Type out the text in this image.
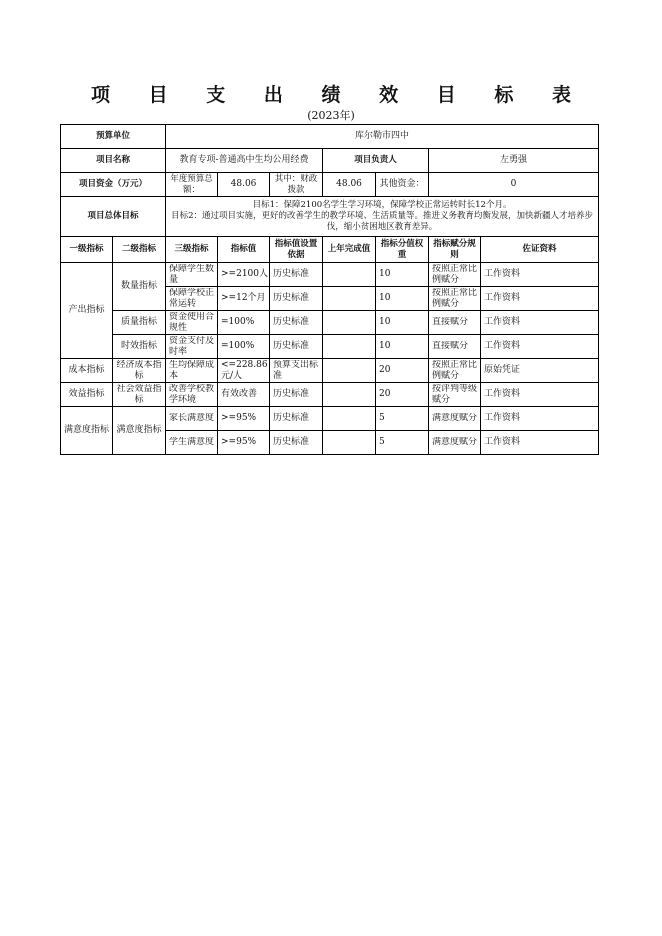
项 目 支 出 绩 效 目 标 表
(2023年)
预算单位		库尔勒市四中						
项目名称		教育专项-普通高中生均公用经费			项目负责人		左勇强	
项目资金（万元）		年度预算总额：	48.06	其中：财政拨款	48.06	其他资金：	0	
项目总体目标		目标1：保障2100名学生学习环境，保障学校正常运转时长12个月。
目标2：通过项目实施，更好的改善学生的教学环境、生活质量等。推进义务教育均衡发展，加快新疆人才培养步伐，缩小贫困地区教育差异。						

一级指标	二级指标	三级指标	指标值	指标值设置依据	上年完成值	指标分值权重	指标赋分规则	佐证资料
产出指标	数量指标	保障学生数量	>=2100人	历史标准		10	按照正常比例赋分	工作资料

		保障学校正常运转	>=12个月	历史标准		10	按照正常比例赋分	工作资料
	质量指标	资金使用合规性	=100%	历史标准		10	直接赋分	工作资料
	时效指标	资金支付及时率	=100%	历史标准		10	直接赋分	工作资料
成本指标	经济成本指标	生均保障成本	<=228.86元/人	预算支出标准		20	按照正常比例赋分	原始凭证
效益指标	社会效益指标	改善学校教学环境	有效改善	历史标准		20	按评判等级赋分	工作资料
满意度指标	满意度指标	家长满意度	>=95%	历史标准		5	满意度赋分	工作资料

		学生满意度	>=95%	历史标准		5	满意度赋分	工作资料
